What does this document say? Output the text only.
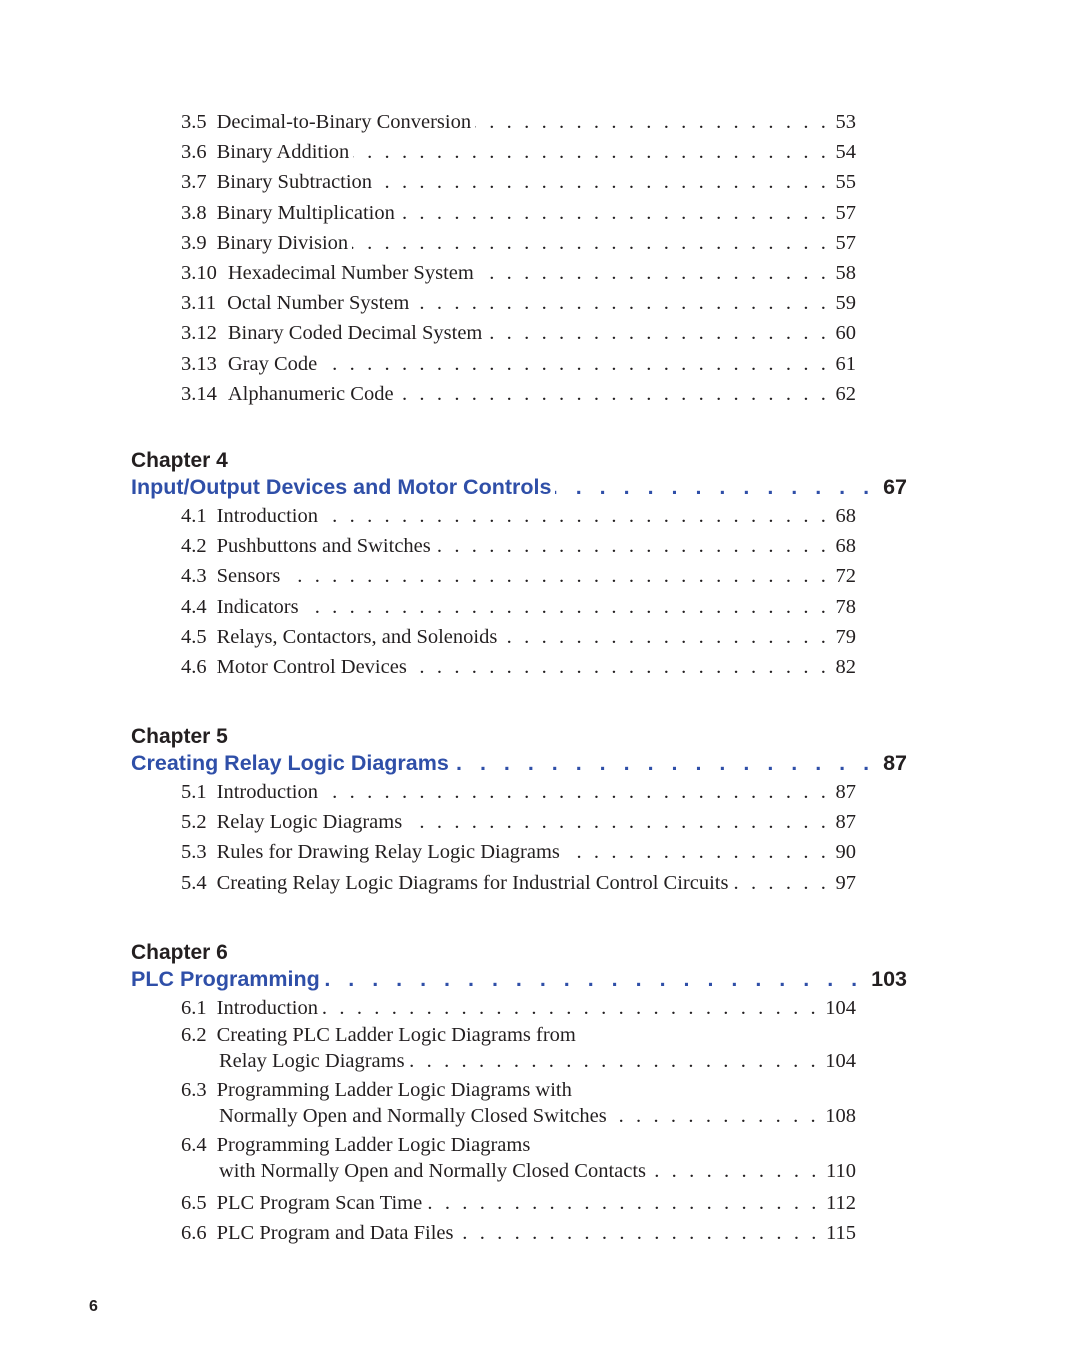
3.5 Decimal-to-Binary Conversion . . .	53
3.6 Binary Addition . . .	54
3.7 Binary Subtraction . . .	55
3.8 Binary Multiplication . . .	57
3.9 Binary Division . . .	57
3.10 Hexadecimal Number System . . .	58
3.11 Octal Number System . . .	59
3.12 Binary Coded Decimal System . . .	60
3.13 Gray Code . . .	61
3.14 Alphanumeric Code . . .	62
Chapter 4
Input/Output Devices and Motor Controls . . .	67
4.1 Introduction . . .	68
4.2 Pushbuttons and Switches . . .	68
4.3 Sensors . . .	72
4.4 Indicators . . .	78
4.5 Relays, Contactors, and Solenoids . . .	79
4.6 Motor Control Devices . . .	82
Chapter 5
Creating Relay Logic Diagrams . . .	87
5.1 Introduction . . .	87
5.2 Relay Logic Diagrams . . .	87
5.3 Rules for Drawing Relay Logic Diagrams . . .	90
5.4 Creating Relay Logic Diagrams for Industrial Control Circuits . . .	97
Chapter 6
PLC Programming . . .	103
6.1 Introduction . . .	104
6.2 Creating PLC Ladder Logic Diagrams from
Relay Logic Diagrams . . .	104
6.3 Programming Ladder Logic Diagrams with
Normally Open and Normally Closed Switches . . .	108
6.4 Programming Ladder Logic Diagrams
with Normally Open and Normally Closed Contacts . . .	110
6.5 PLC Program Scan Time . . .	112
6.6 PLC Program and Data Files . . .	115
6
